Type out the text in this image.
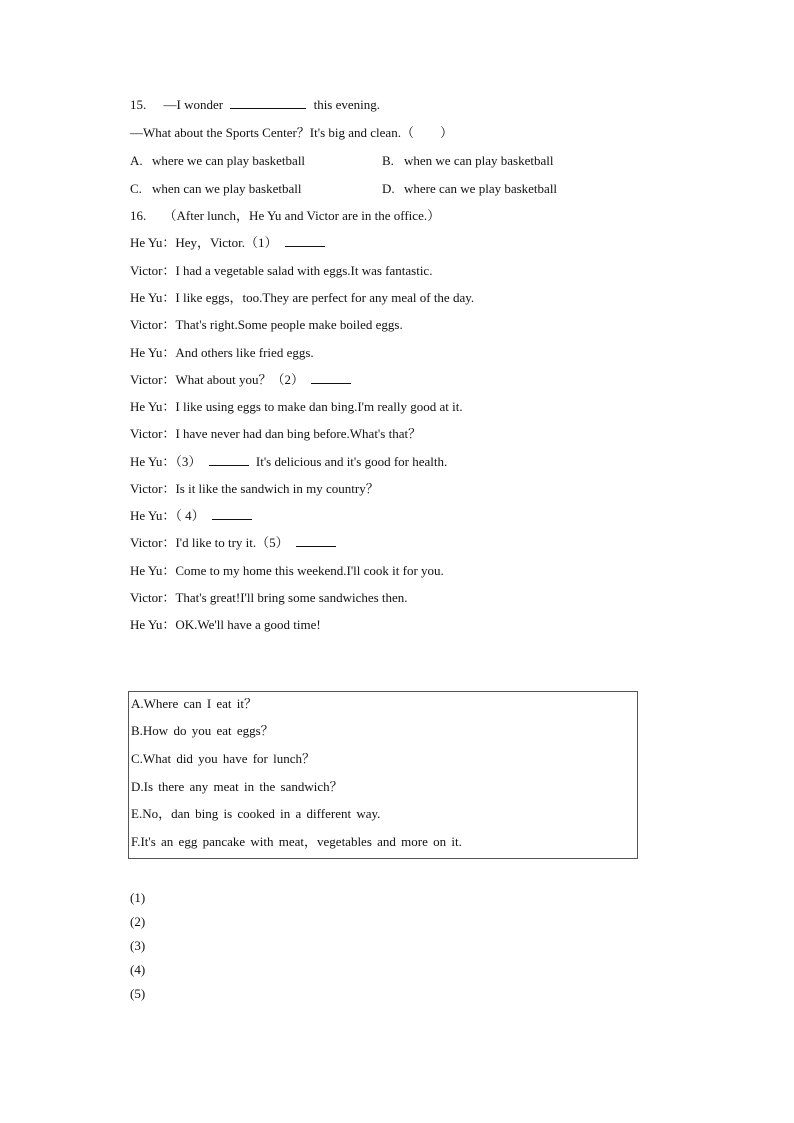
15. —I wonder	this evening.
—What about the Sports Center？It's big and clean.（　　）
A. where we can play basketball	B. when we can play basketball
C. when can we play basketball	D. where can we play basketball
16. （After lunch，He Yu and Victor are in the office.）
He Yu：Hey，Victor.（1）
Victor：I had a vegetable salad with eggs.It was fantastic.
He Yu：I like eggs，too.They are perfect for any meal of the day.
Victor：That's right.Some people make boiled eggs.
He Yu：And others like fried eggs.
Victor：What about you？（2）
He Yu：I like using eggs to make dan bing.I'm really good at it.
Victor：I have never had dan bing before.What's that？
He Yu：（3）	It's delicious and it's good for health.
Victor：Is it like the sandwich in my country？
He Yu：（ 4）
Victor：I'd like to try it.（5）
He Yu：Come to my home this weekend.I'll cook it for you.
Victor：That's great!I'll bring some sandwiches then.
He Yu：OK.We'll have a good time!
A.Where can I eat it？
B.How do you eat eggs？
C.What did you have for lunch？
D.Is there any meat in the sandwich？
E.No，dan bing is cooked in a different way.
F.It's an egg pancake with meat，vegetables and more on it.
(1)
(2)
(3)
(4)
(5)
